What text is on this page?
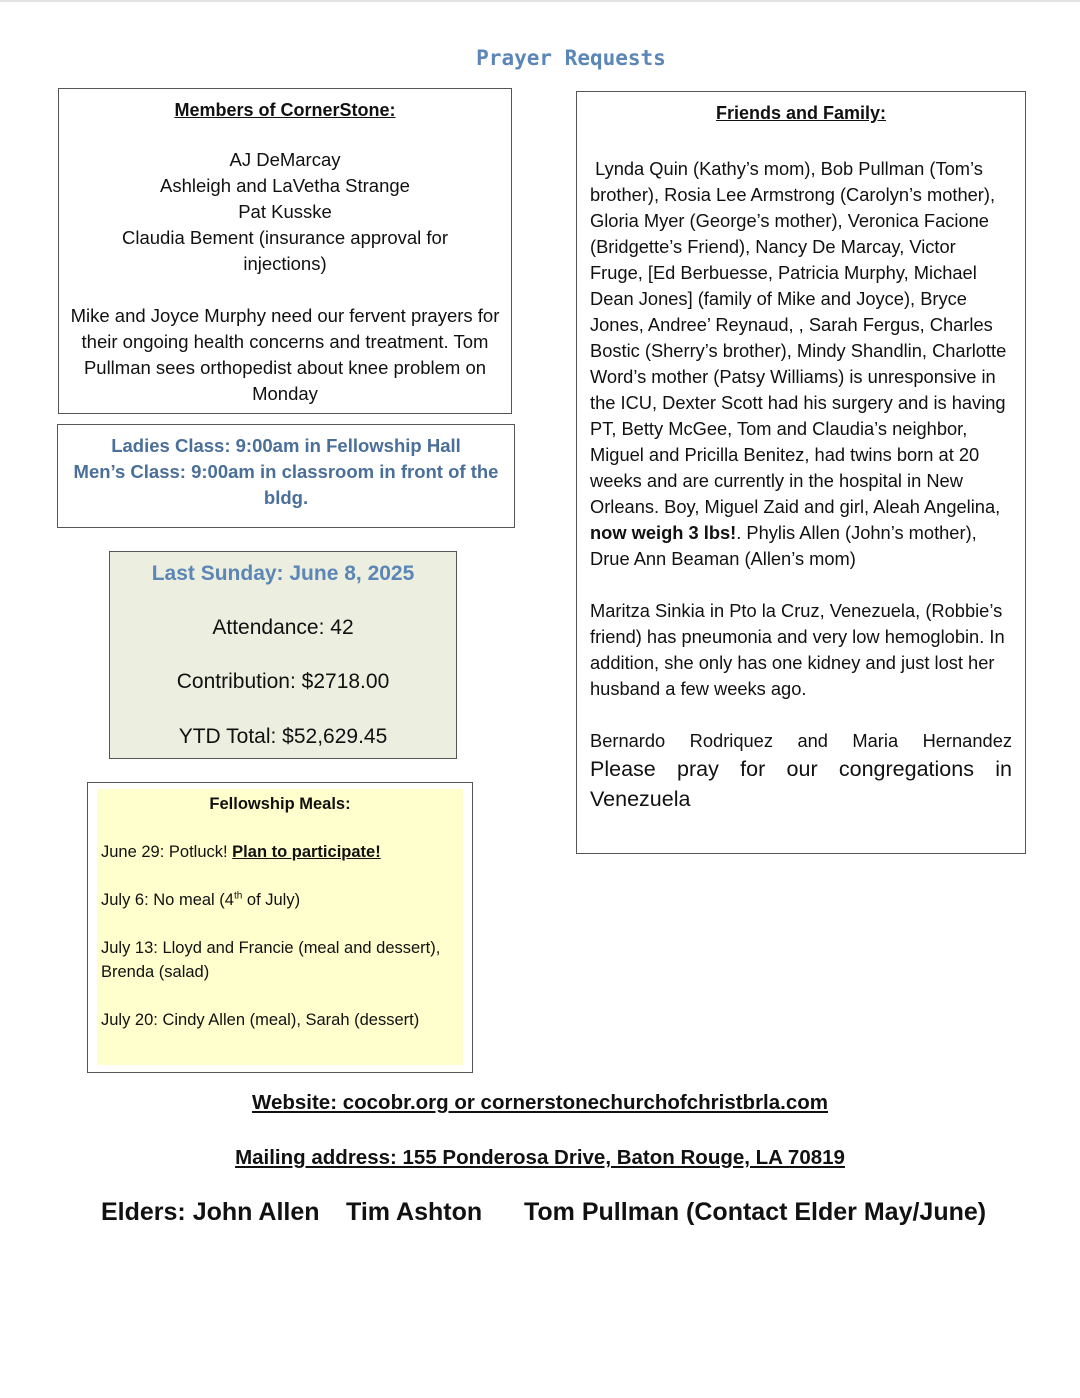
Prayer Requests

Members of CornerStone:

AJ DeMarcay

Ashleigh and LaVetha Strange

Pat Kusske

Claudia Bement (insurance approval for injections)

Mike and Joyce Murphy need our fervent prayers for their ongoing health concerns and treatment. Tom Pullman sees orthopedist about knee problem on Monday

Ladies Class: 9:00am in Fellowship Hall

Men’s Class: 9:00am in classroom in front of the bldg.

Last Sunday: June 8, 2025
Attendance: 42
Contribution: $2718.00
YTD Total: $52,629.45

Fellowship Meals:

June 29: Potluck! Plan to participate!

July 6: No meal (4th of July)

July 13: Lloyd and Francie (meal and dessert), Brenda (salad)

July 20: Cindy Allen (meal), Sarah (dessert)

Friends and Family:

Lynda Quin (Kathy’s mom), Bob Pullman (Tom’s brother), Rosia Lee Armstrong (Carolyn’s mother), Gloria Myer (George’s mother), Veronica Facione (Bridgette’s Friend), Nancy De Marcay, Victor Fruge, [Ed Berbuesse, Patricia Murphy, Michael Dean Jones] (family of Mike and Joyce), Bryce Jones, Andree’ Reynaud, , Sarah Fergus, Charles Bostic (Sherry’s brother), Mindy Shandlin, Charlotte Word’s mother (Patsy Williams) is unresponsive in the ICU, Dexter Scott had his surgery and is having PT, Betty McGee, Tom and Claudia’s neighbor, Miguel and Pricilla Benitez, had twins born at 20 weeks and are currently in the hospital in New Orleans. Boy, Miguel Zaid and girl, Aleah Angelina, now weigh 3 lbs!. Phylis Allen (John’s mother), Drue Ann Beaman (Allen’s mom)

Maritza Sinkia in Pto la Cruz, Venezuela, (Robbie’s friend) has pneumonia and very low hemoglobin. In addition, she only has one kidney and just lost her husband a few weeks ago.

Bernardo Rodriquez and Maria Hernandez

Please pray for our congregations in Venezuela

Website: cocobr.org or cornerstonechurchofchristbrla.com
Mailing address: 155 Ponderosa Drive, Baton Rouge, LA 70819
Elders: John Allen Tim Ashton Tom Pullman (Contact Elder May/June)
